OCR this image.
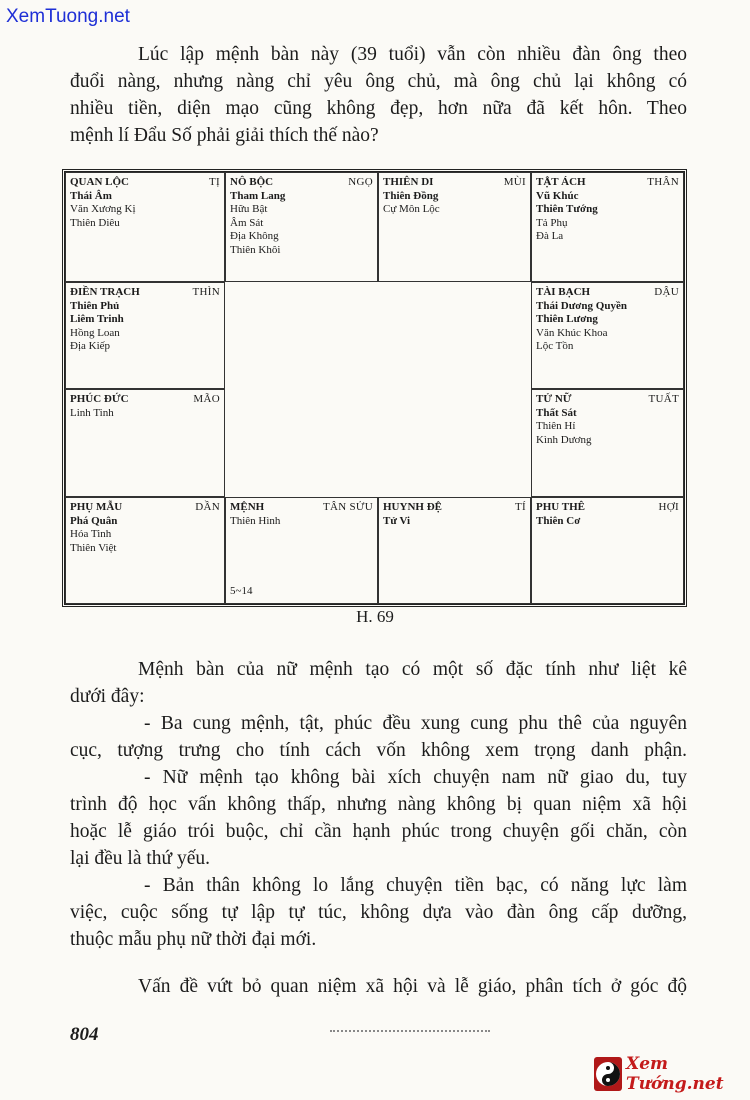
XemTuong.net
Lúc lập mệnh bàn này (39 tuổi) vẫn còn nhiều đàn ông theo
đuổi nàng, nhưng nàng chỉ yêu ông chủ, mà ông chủ lại không có
nhiều tiền, diện mạo cũng không đẹp, hơn nữa đã kết hôn. Theo
mệnh lí Đẩu Số phải giải thích thế nào?
QUAN LỘC	TỊ
Thái Âm
Văn Xương Kị
Thiên Diêu
NÔ BỘC	NGỌ
Tham Lang
Hữu Bật
Âm Sát
Địa Không
Thiên Khôi
THIÊN DI	MÙI
Thiên Đồng
Cự Môn Lộc
TẬT ÁCH	THÂN
Vũ Khúc
Thiên Tướng
Tả Phụ
Đà La
ĐIỀN TRẠCH	THÌN
Thiên Phủ
Liêm Trinh
Hồng Loan
Địa Kiếp
TÀI BẠCH	DẬU
Thái Dương Quyền
Thiên Lương
Văn Khúc Khoa
Lộc Tồn
PHÚC ĐỨC	MÃO
Linh Tinh
TỬ NỮ	TUẤT
Thất Sát
Thiên Hỉ
Kình Dương
PHỤ MẪU	DẦN
Phá Quân
Hóa Tinh
Thiên Việt
MỆNH	TÂN SỬU
Thiên Hình
5~14
HUYNH ĐỆ	TÍ
Tử Vi
PHU THÊ	HỢI
Thiên Cơ
H. 69
Mệnh bàn của nữ mệnh tạo có một số đặc tính như liệt kê
dưới đây:
- Ba cung mệnh, tật, phúc đều xung cung phu thê của nguyên
cục, tượng trưng cho tính cách vốn không xem trọng danh phận.
- Nữ mệnh tạo không bài xích chuyện nam nữ giao du, tuy
trình độ học vấn không thấp, nhưng nàng không bị quan niệm xã hội
hoặc lễ giáo trói buộc, chỉ cần hạnh phúc trong chuyện gối chăn, còn
lại đều là thứ yếu.
- Bản thân không lo lắng chuyện tiền bạc, có năng lực làm
việc, cuộc sống tự lập tự túc, không dựa vào đàn ông cấp dưỡng,
thuộc mẫu phụ nữ thời đại mới.
Vấn đề vứt bỏ quan niệm xã hội và lễ giáo, phân tích ở góc độ
804
Xem Tướng.net
